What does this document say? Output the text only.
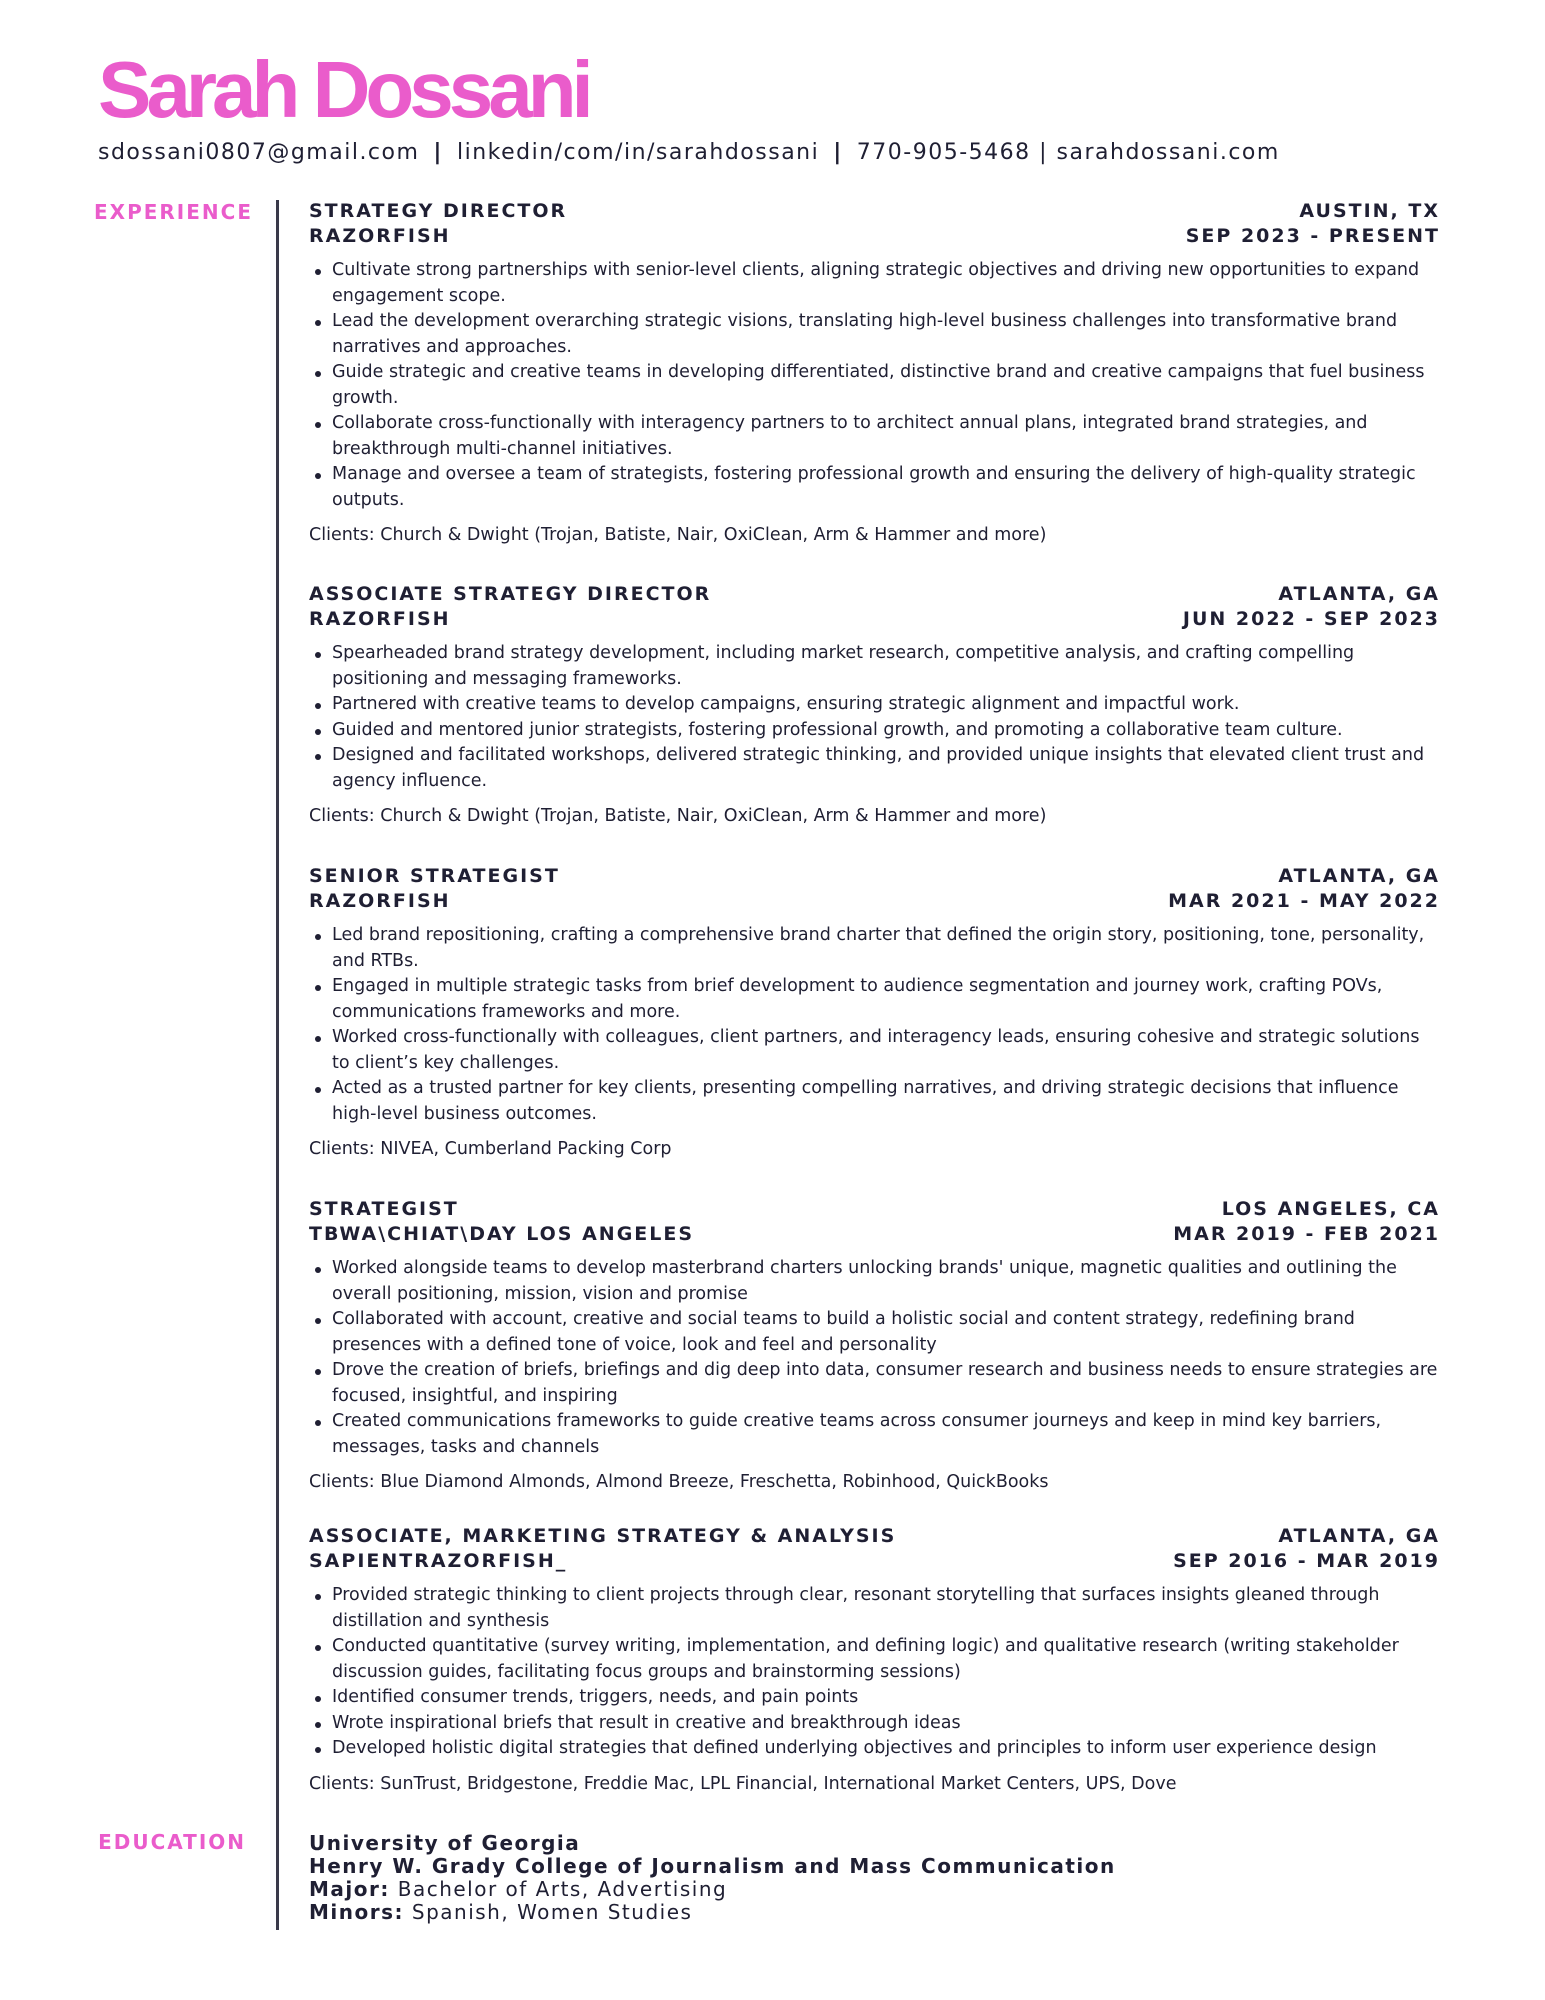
Sarah Dossani
sdossani0807@gmail.com | linkedin/com/in/sarahdossani | 770-905-5468 | sarahdossani.com
EXPERIENCE
EDUCATION
STRATEGY DIRECTOR	AUSTIN, TX
RAZORFISH	SEP 2023 - PRESENT
Cultivate strong partnerships with senior-level clients, aligning strategic objectives and driving new opportunities to expand engagement scope.
Lead the development overarching strategic visions, translating high-level business challenges into transformative brand narratives and approaches.
Guide strategic and creative teams in developing differentiated, distinctive brand and creative campaigns that fuel business growth.
Collaborate cross-functionally with interagency partners to to architect annual plans, integrated brand strategies, and breakthrough multi-channel initiatives.
Manage and oversee a team of strategists, fostering professional growth and ensuring the delivery of high-quality strategic outputs.
Clients: Church & Dwight (Trojan, Batiste, Nair, OxiClean, Arm & Hammer and more)
ASSOCIATE STRATEGY DIRECTOR	ATLANTA, GA
RAZORFISH	JUN 2022 - SEP 2023
Spearheaded brand strategy development, including market research, competitive analysis, and crafting compelling positioning and messaging frameworks.
Partnered with creative teams to develop campaigns, ensuring strategic alignment and impactful work.
Guided and mentored junior strategists, fostering professional growth, and promoting a collaborative team culture.
Designed and facilitated workshops, delivered strategic thinking, and provided unique insights that elevated client trust and agency influence.
Clients: Church & Dwight (Trojan, Batiste, Nair, OxiClean, Arm & Hammer and more)
SENIOR STRATEGIST	ATLANTA, GA
RAZORFISH	MAR 2021 - MAY 2022
Led brand repositioning, crafting a comprehensive brand charter that defined the origin story, positioning, tone, personality, and RTBs.
Engaged in multiple strategic tasks from brief development to audience segmentation and journey work, crafting POVs, communications frameworks and more.
Worked cross-functionally with colleagues, client partners, and interagency leads, ensuring cohesive and strategic solutions to client’s key challenges.
Acted as a trusted partner for key clients, presenting compelling narratives, and driving strategic decisions that influence high-level business outcomes.
Clients: NIVEA, Cumberland Packing Corp
STRATEGIST	LOS ANGELES, CA
TBWA\CHIAT\DAY LOS ANGELES	MAR 2019 - FEB 2021
Worked alongside teams to develop masterbrand charters unlocking brands' unique, magnetic qualities and outlining the overall positioning, mission, vision and promise
Collaborated with account, creative and social teams to build a holistic social and content strategy, redefining brand presences with a defined tone of voice, look and feel and personality
Drove the creation of briefs, briefings and dig deep into data, consumer research and business needs to ensure strategies are focused, insightful, and inspiring
Created communications frameworks to guide creative teams across consumer journeys and keep in mind key barriers, messages, tasks and channels
Clients: Blue Diamond Almonds, Almond Breeze, Freschetta, Robinhood, QuickBooks
ASSOCIATE, MARKETING STRATEGY & ANALYSIS	ATLANTA, GA
SAPIENTRAZORFISH_	SEP 2016 - MAR 2019
Provided strategic thinking to client projects through clear, resonant storytelling that surfaces insights gleaned through distillation and synthesis
Conducted quantitative (survey writing, implementation, and defining logic) and qualitative research (writing stakeholder discussion guides, facilitating focus groups and brainstorming sessions)
Identified consumer trends, triggers, needs, and pain points
Wrote inspirational briefs that result in creative and breakthrough ideas
Developed holistic digital strategies that defined underlying objectives and principles to inform user experience design
Clients: SunTrust, Bridgestone, Freddie Mac, LPL Financial, International Market Centers, UPS, Dove
University of Georgia
Henry W. Grady College of Journalism and Mass Communication
Major: Bachelor of Arts, Advertising
Minors: Spanish, Women Studies
